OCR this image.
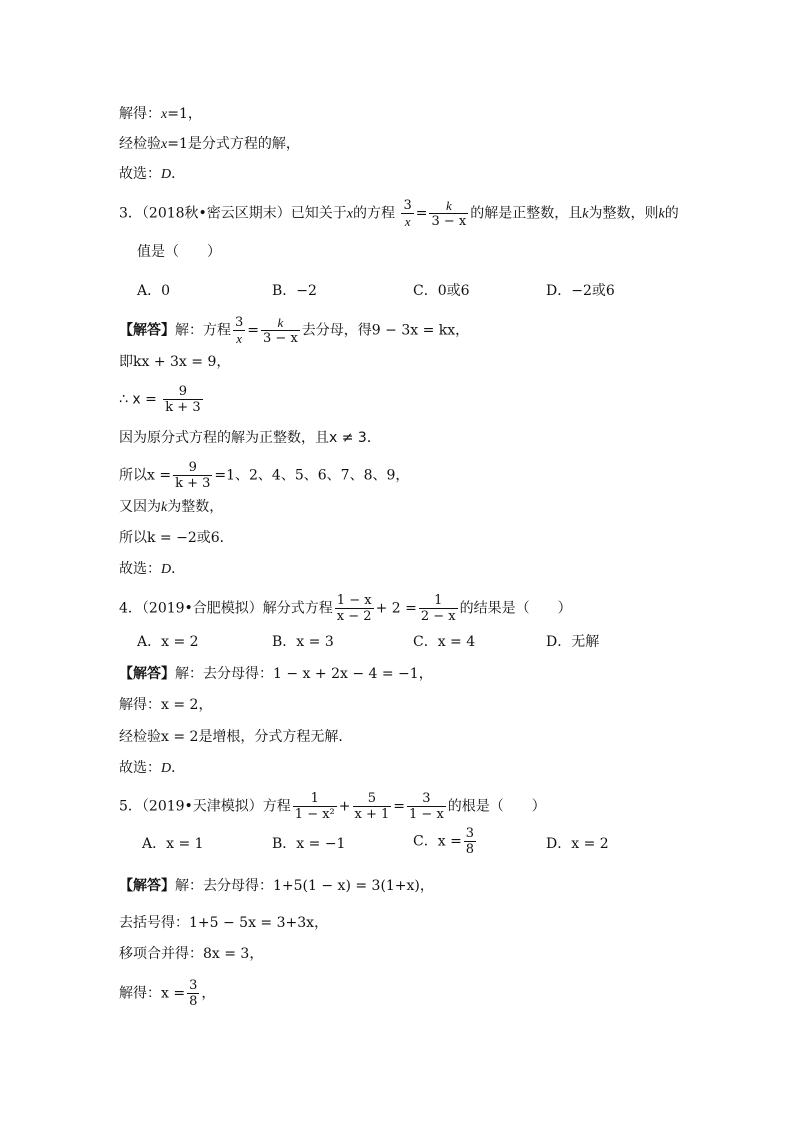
解得：x=1，
经检验x=1是分式方程的解，
故选：D．
3．（2018秋•密云区期末）已知关于x的方程 $\frac{3}{x} = \frac{k}{3 - x}$ 的解是正整数，且k为整数，则k的
值是（　　）
A．0	B．−2	C．0或6	D．−2或6
【解答】解：方程 $\frac{3}{x} = \frac{k}{3 - x}$ 去分母，得9 − 3x = kx，
即kx + 3x = 9，
∴ $x = \frac{9}{k + 3}$
因为原分式方程的解为正整数，且x ≠ 3．
所以$x = \frac{9}{k + 3} =1$、2、4、5、6、7、8、9，
又因为k为整数，
所以k = −2或6．
故选：D．
4．（2019•合肥模拟）解分式方程 $\frac{1 - x}{x - 2} + 2 = \frac{1}{2 - x}$ 的结果是（　　）
A．x = 2	B．x = 3	C．x = 4	D．无解
【解答】解：去分母得：1 − x + 2x − 4 = −1，
解得：x = 2，
经检验x = 2是增根，分式方程无解．
故选：D．
5．（2019•天津模拟）方程 $\frac{1}{\text{1 − x²}} + \frac{5}{x + 1} = \frac{3}{1 - x}$ 的根是（　　）
A．x = 1	B．x = −1	C．$x = \frac{3}{8}$	D．x = 2
【解答】解：去分母得：1+5(1 − x) = 3(1+x)，
去括号得：1+5 − 5x = 3+3x，
移项合并得：8x = 3，
解得：$x = \frac{3}{8}$ ，
